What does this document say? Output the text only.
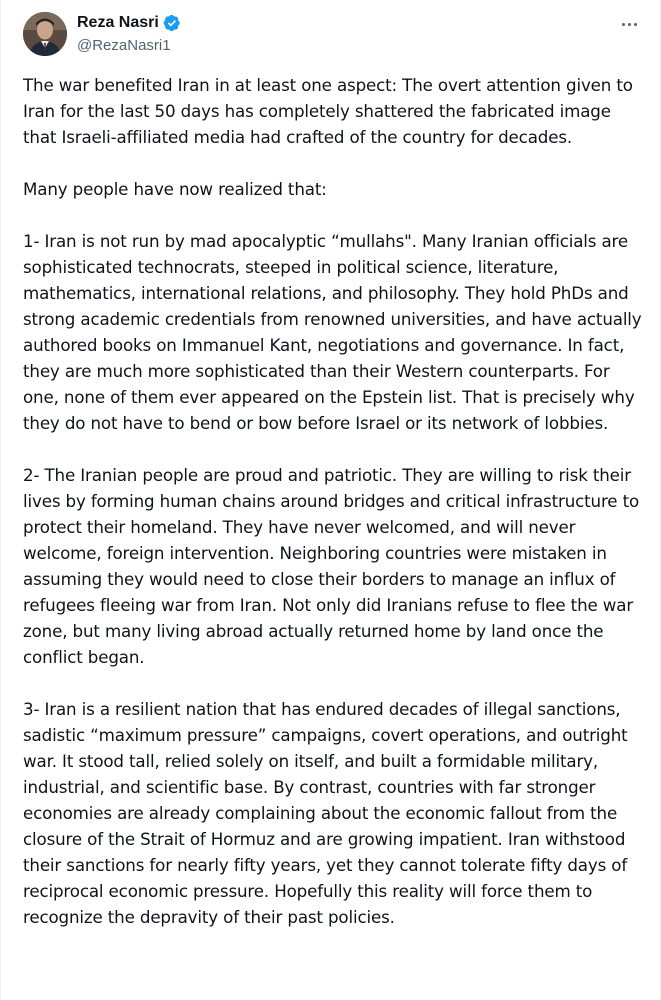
Reza Nasri
@RezaNasri1

The war benefited Iran in at least one aspect: The overt attention given to Iran for the last 50 days has completely shattered the fabricated image that Israeli-affiliated media had crafted of the country for decades.

Many people have now realized that:

1- Iran is not run by mad apocalyptic “mullahs". Many Iranian officials are sophisticated technocrats, steeped in political science, literature, mathematics, international relations, and philosophy. They hold PhDs and strong academic credentials from renowned universities, and have actually authored books on Immanuel Kant, negotiations and governance. In fact, they are much more sophisticated than their Western counterparts. For one, none of them ever appeared on the Epstein list. That is precisely why they do not have to bend or bow before Israel or its network of lobbies.

2- The Iranian people are proud and patriotic. They are willing to risk their lives by forming human chains around bridges and critical infrastructure to protect their homeland. They have never welcomed, and will never welcome, foreign intervention. Neighboring countries were mistaken in assuming they would need to close their borders to manage an influx of refugees fleeing war from Iran. Not only did Iranians refuse to flee the war zone, but many living abroad actually returned home by land once the conflict began.

3- Iran is a resilient nation that has endured decades of illegal sanctions, sadistic “maximum pressure” campaigns, covert operations, and outright war. It stood tall, relied solely on itself, and built a formidable military, industrial, and scientific base. By contrast, countries with far stronger economies are already complaining about the economic fallout from the closure of the Strait of Hormuz and are growing impatient. Iran withstood their sanctions for nearly fifty years, yet they cannot tolerate fifty days of reciprocal economic pressure. Hopefully this reality will force them to recognize the depravity of their past policies.
